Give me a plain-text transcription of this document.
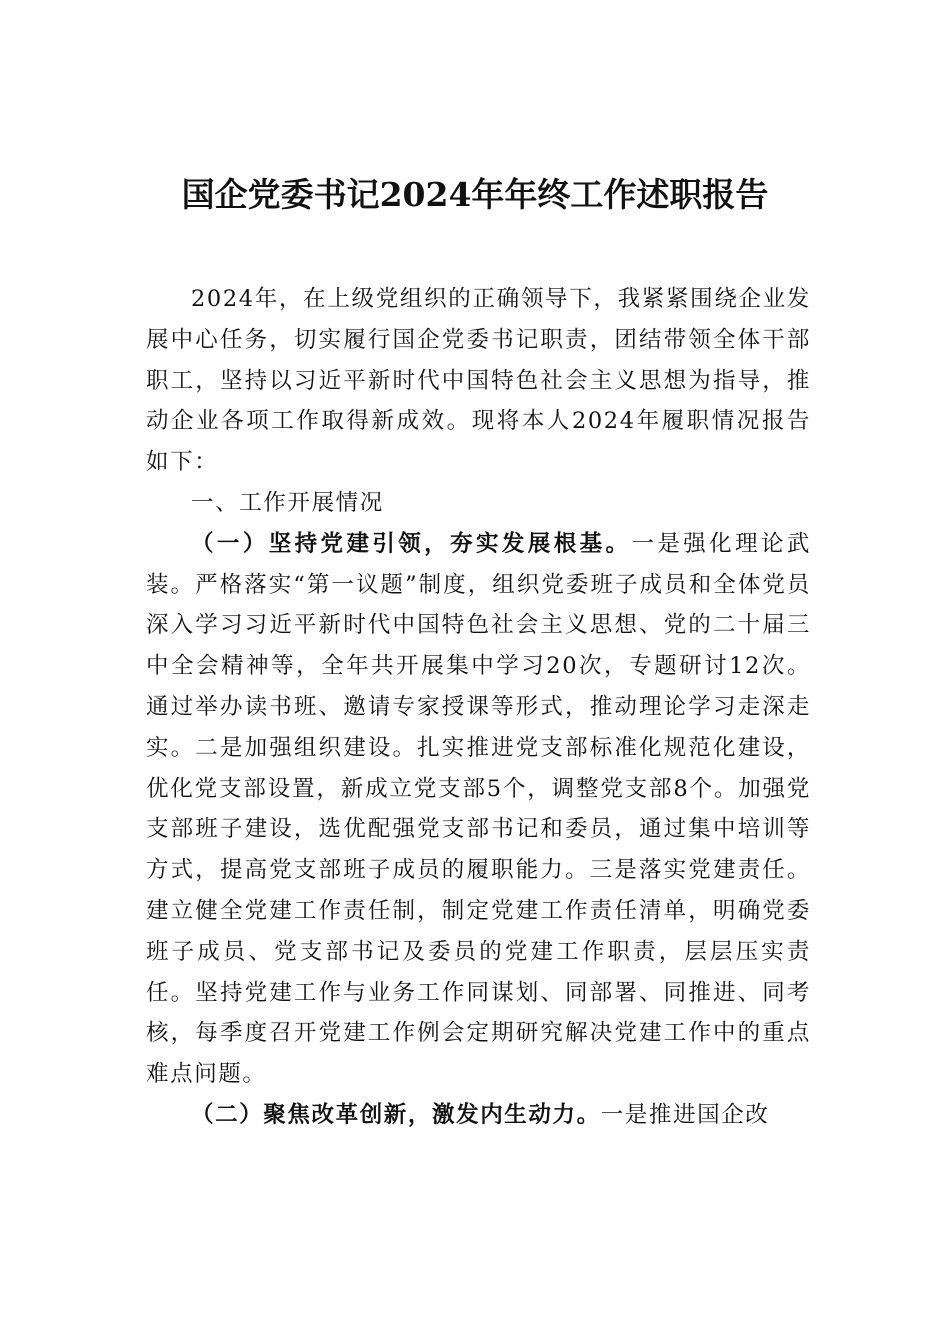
国企党委书记2024年年终工作述职报告

2024年，在上级党组织的正确领导下，我紧紧围绕企业发展中心任务，切实履行国企党委书记职责，团结带领全体干部职工，坚持以习近平新时代中国特色社会主义思想为指导，推动企业各项工作取得新成效。现将本人2024年履职情况报告如下：

一、工作开展情况

（一）坚持党建引领，夯实发展根基。一是强化理论武装。严格落实“第一议题”制度，组织党委班子成员和全体党员深入学习习近平新时代中国特色社会主义思想、党的二十届三中全会精神等，全年共开展集中学习20次，专题研讨12次。通过举办读书班、邀请专家授课等形式，推动理论学习走深走实。二是加强组织建设。扎实推进党支部标准化规范化建设，优化党支部设置，新成立党支部5个，调整党支部8个。加强党支部班子建设，选优配强党支部书记和委员，通过集中培训等方式，提高党支部班子成员的履职能力。三是落实党建责任。建立健全党建工作责任制，制定党建工作责任清单，明确党委班子成员、党支部书记及委员的党建工作职责，层层压实责任。坚持党建工作与业务工作同谋划、同部署、同推进、同考核，每季度召开党建工作例会定期研究解决党建工作中的重点难点问题。

（二）聚焦改革创新，激发内生动力。一是推进国企改
